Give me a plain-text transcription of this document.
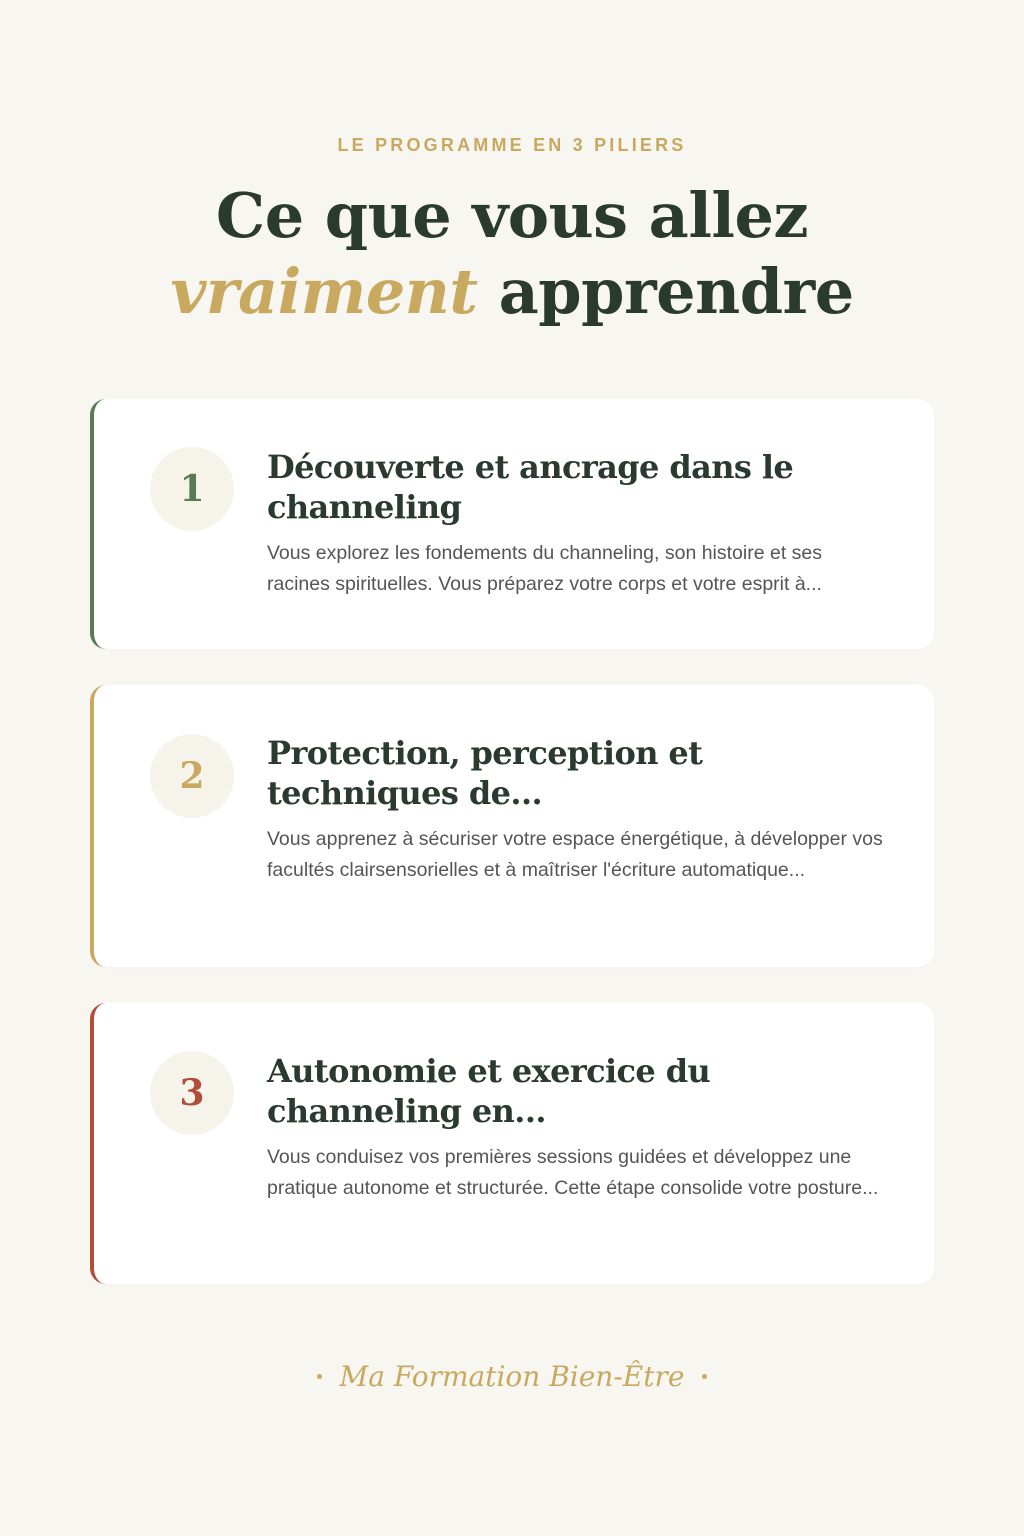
LE PROGRAMME EN 3 PILIERS
Ce que vous allez
vraiment apprendre
1
Découverte et ancrage dans le channeling
Vous explorez les fondements du channeling, son histoire et ses racines spirituelles. Vous préparez votre corps et votre esprit à...
2
Protection, perception et techniques de...
Vous apprenez à sécuriser votre espace énergétique, à développer vos facultés clairsensorielles et à maîtriser l'écriture automatique...
3
Autonomie et exercice du channeling en...
Vous conduisez vos premières sessions guidées et développez une pratique autonome et structurée. Cette étape consolide votre posture...
Ma Formation Bien-Être
